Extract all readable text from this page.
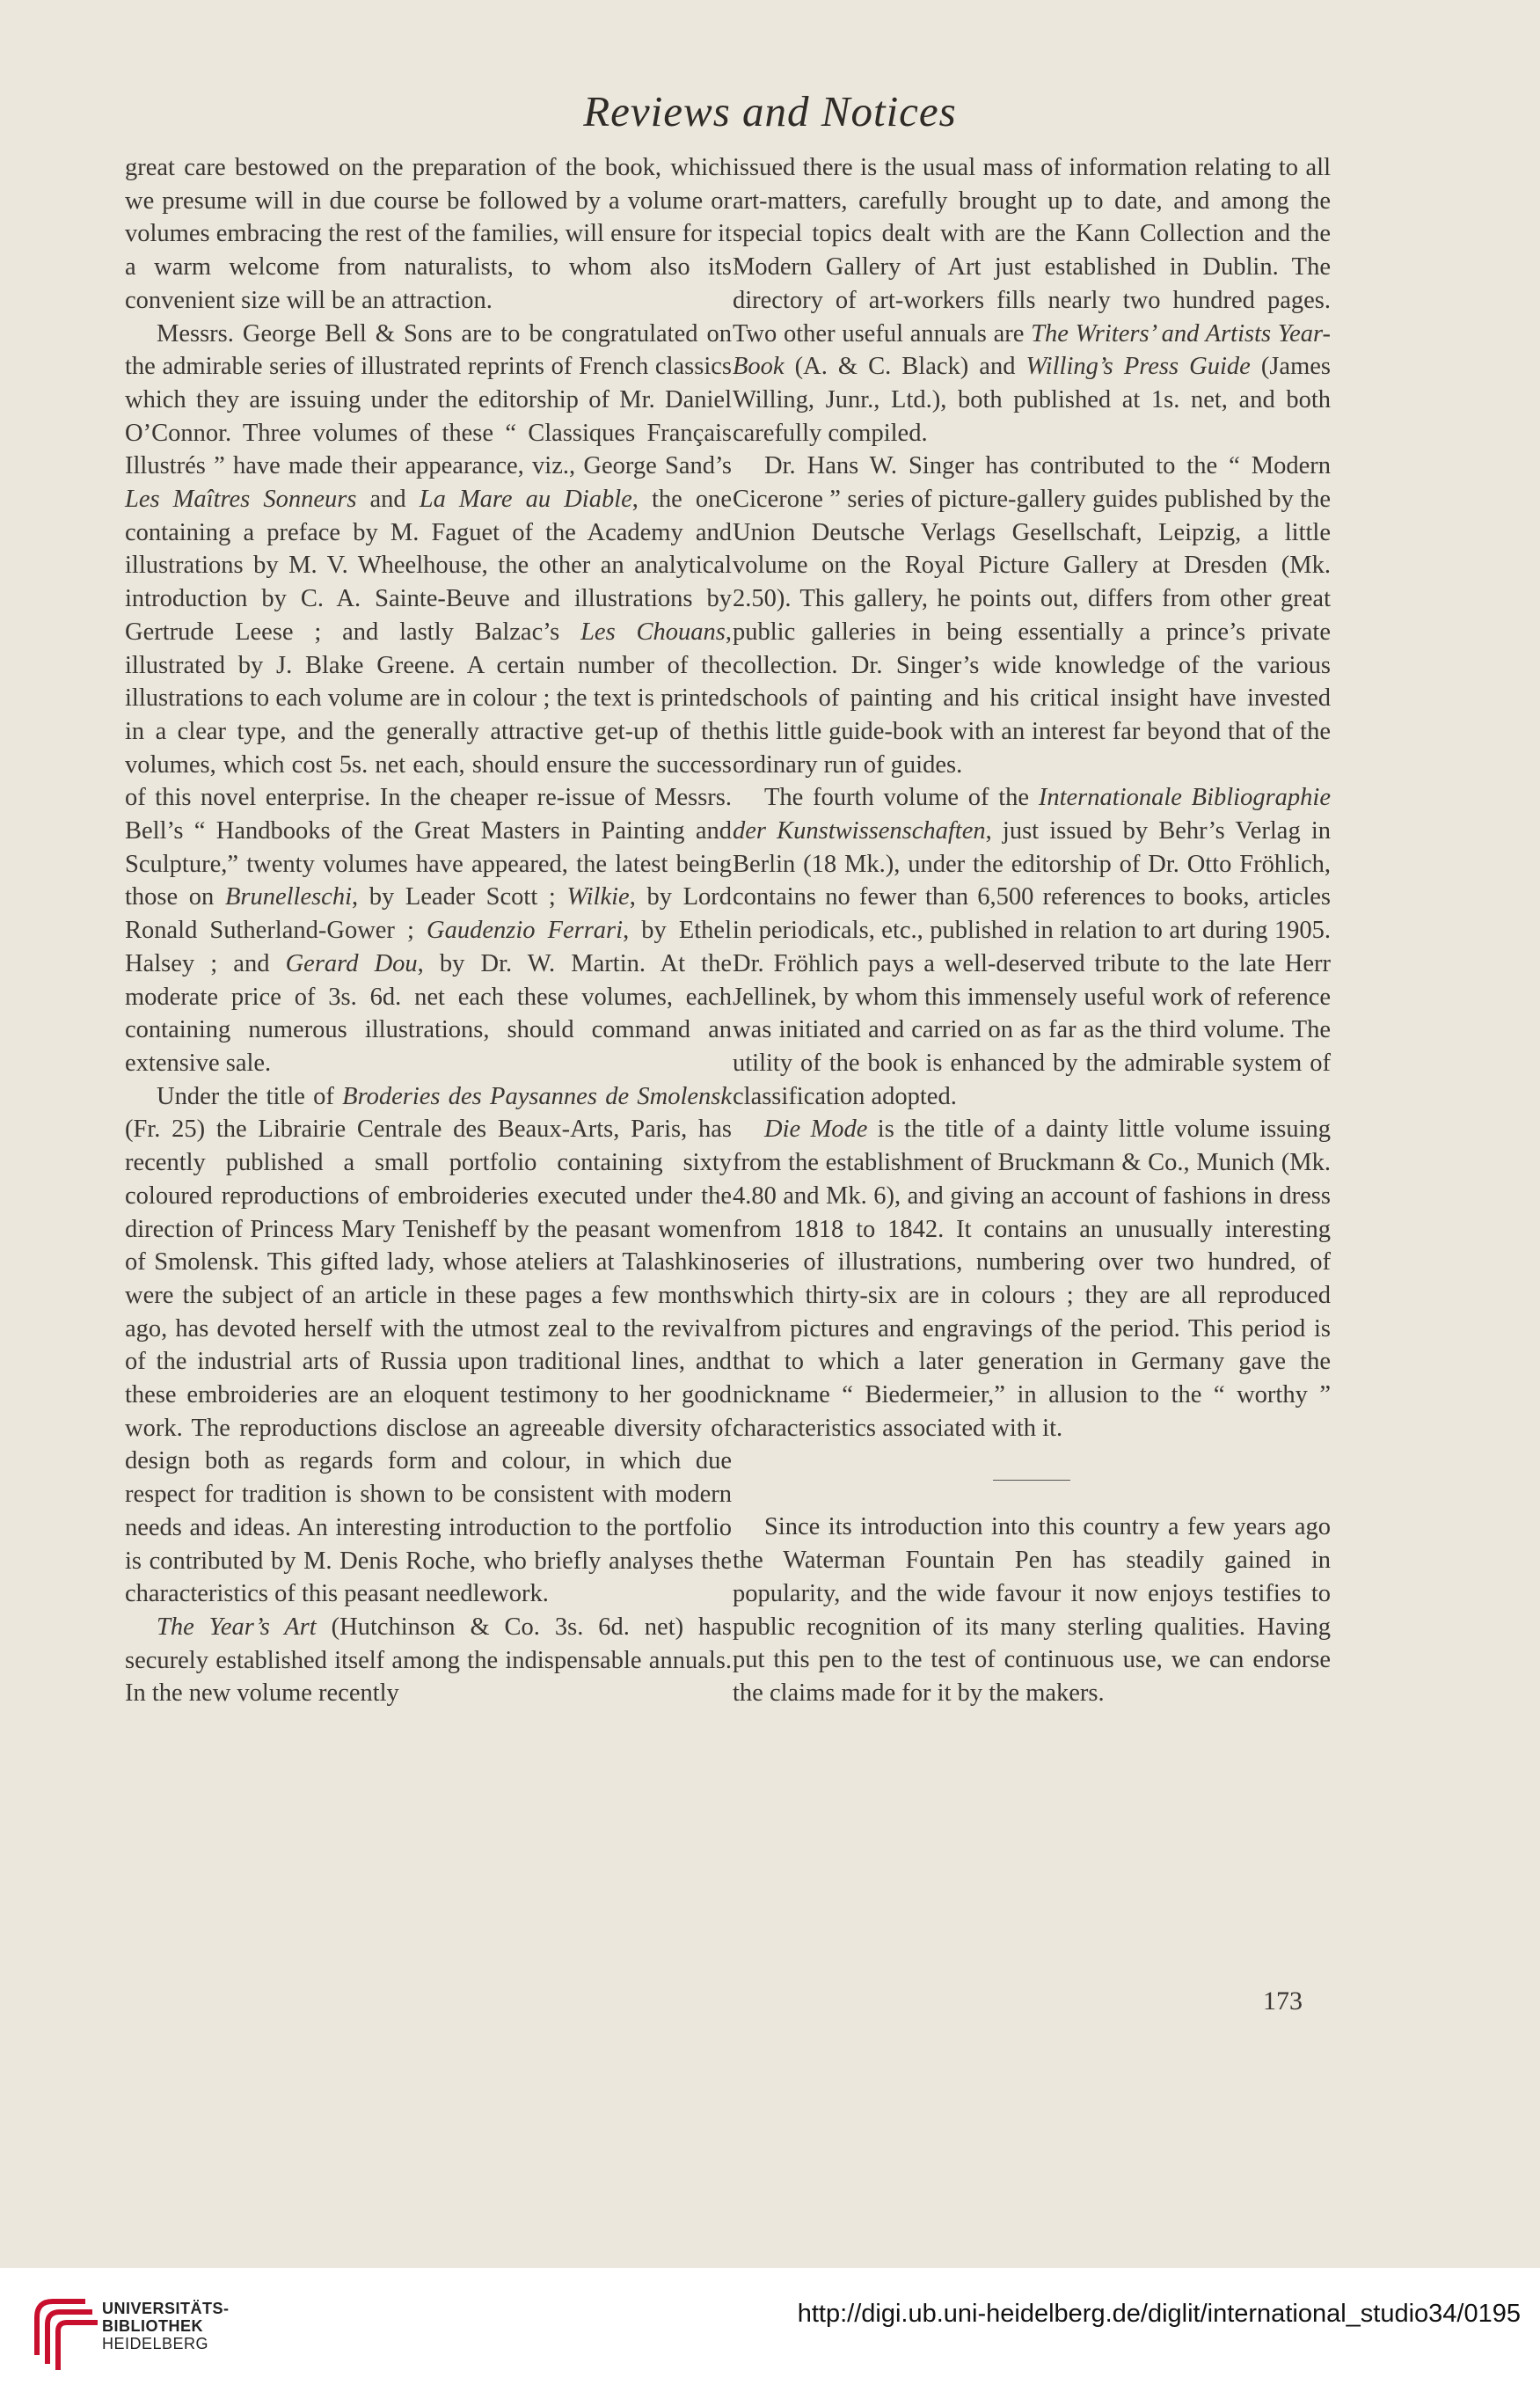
Reviews and Notices

great care bestowed on the preparation of the book, which we presume will in due course be followed by a volume or volumes embracing the rest of the families, will ensure for it a warm welcome from naturalists, to whom also its convenient size will be an attraction.

Messrs. George Bell & Sons are to be congratulated on the admirable series of illustrated reprints of French classics which they are issuing under the editorship of Mr. Daniel O’Connor. Three volumes of these “ Classiques Français Illustrés ” have made their appearance, viz., George Sand’s Les Maîtres Sonneurs and La Mare au Diable, the one containing a preface by M. Faguet of the Academy and illustrations by M. V. Wheelhouse, the other an analytical introduction by C. A. Sainte-Beuve and illustrations by Gertrude Leese ; and lastly Balzac’s Les Chouans, illustrated by J. Blake Greene. A certain number of the illustrations to each volume are in colour ; the text is printed in a clear type, and the generally attractive get-up of the volumes, which cost 5s. net each, should ensure the success of this novel enterprise. In the cheaper re-issue of Messrs. Bell’s “ Handbooks of the Great Masters in Painting and Sculpture,” twenty volumes have appeared, the latest being those on Brunelleschi, by Leader Scott ; Wilkie, by Lord Ronald Sutherland-Gower ; Gaudenzio Ferrari, by Ethel Halsey ; and Gerard Dou, by Dr. W. Martin. At the moderate price of 3s. 6d. net each these volumes, each containing numerous illustrations, should command an extensive sale.

Under the title of Broderies des Paysannes de Smolensk (Fr. 25) the Librairie Centrale des Beaux-Arts, Paris, has recently published a small portfolio containing sixty coloured reproductions of embroideries executed under the direction of Princess Mary Tenisheff by the peasant women of Smolensk. This gifted lady, whose ateliers at Talashkino were the subject of an article in these pages a few months ago, has devoted herself with the utmost zeal to the revival of the industrial arts of Russia upon traditional lines, and these embroideries are an eloquent testimony to her good work. The reproductions disclose an agreeable diversity of design both as regards form and colour, in which due respect for tradition is shown to be consistent with modern needs and ideas. An interesting introduction to the portfolio is contributed by M. Denis Roche, who briefly analyses the characteristics of this peasant needlework.

The Year’s Art (Hutchinson & Co. 3s. 6d. net) has securely established itself among the indispensable annuals. In the new volume recently

issued there is the usual mass of information relating to all art-matters, carefully brought up to date, and among the special topics dealt with are the Kann Collection and the Modern Gallery of Art just established in Dublin. The directory of art-workers fills nearly two hundred pages. Two other useful annuals are The Writers’ and Artists Year-Book (A. & C. Black) and Willing’s Press Guide (James Willing, Junr., Ltd.), both published at 1s. net, and both carefully compiled.

Dr. Hans W. Singer has contributed to the “ Modern Cicerone ” series of picture-gallery guides published by the Union Deutsche Verlags Gesellschaft, Leipzig, a little volume on the Royal Picture Gallery at Dresden (Mk. 2.50). This gallery, he points out, differs from other great public galleries in being essentially a prince’s private collection. Dr. Singer’s wide knowledge of the various schools of painting and his critical insight have invested this little guide-book with an interest far beyond that of the ordinary run of guides.

The fourth volume of the Internationale Bibliographie der Kunstwissenschaften, just issued by Behr’s Verlag in Berlin (18 Mk.), under the editorship of Dr. Otto Fröhlich, contains no fewer than 6,500 references to books, articles in periodicals, etc., published in relation to art during 1905. Dr. Fröhlich pays a well-deserved tribute to the late Herr Jellinek, by whom this immensely useful work of reference was initiated and carried on as far as the third volume. The utility of the book is enhanced by the admirable system of classification adopted.

Die Mode is the title of a dainty little volume issuing from the establishment of Bruckmann & Co., Munich (Mk. 4.80 and Mk. 6), and giving an account of fashions in dress from 1818 to 1842. It contains an unusually interesting series of illustrations, numbering over two hundred, of which thirty-six are in colours ; they are all reproduced from pictures and engravings of the period. This period is that to which a later generation in Germany gave the nickname “ Biedermeier,” in allusion to the “ worthy ” characteristics associated with it.

Since its introduction into this country a few years ago the Waterman Fountain Pen has steadily gained in popularity, and the wide favour it now enjoys testifies to public recognition of its many sterling qualities. Having put this pen to the test of continuous use, we can endorse the claims made for it by the makers.

173
UNIVERSITÄTS-
BIBLIOTHEK
HEIDELBERG
http://digi.ub.uni-heidelberg.de/diglit/international_studio34/0195
